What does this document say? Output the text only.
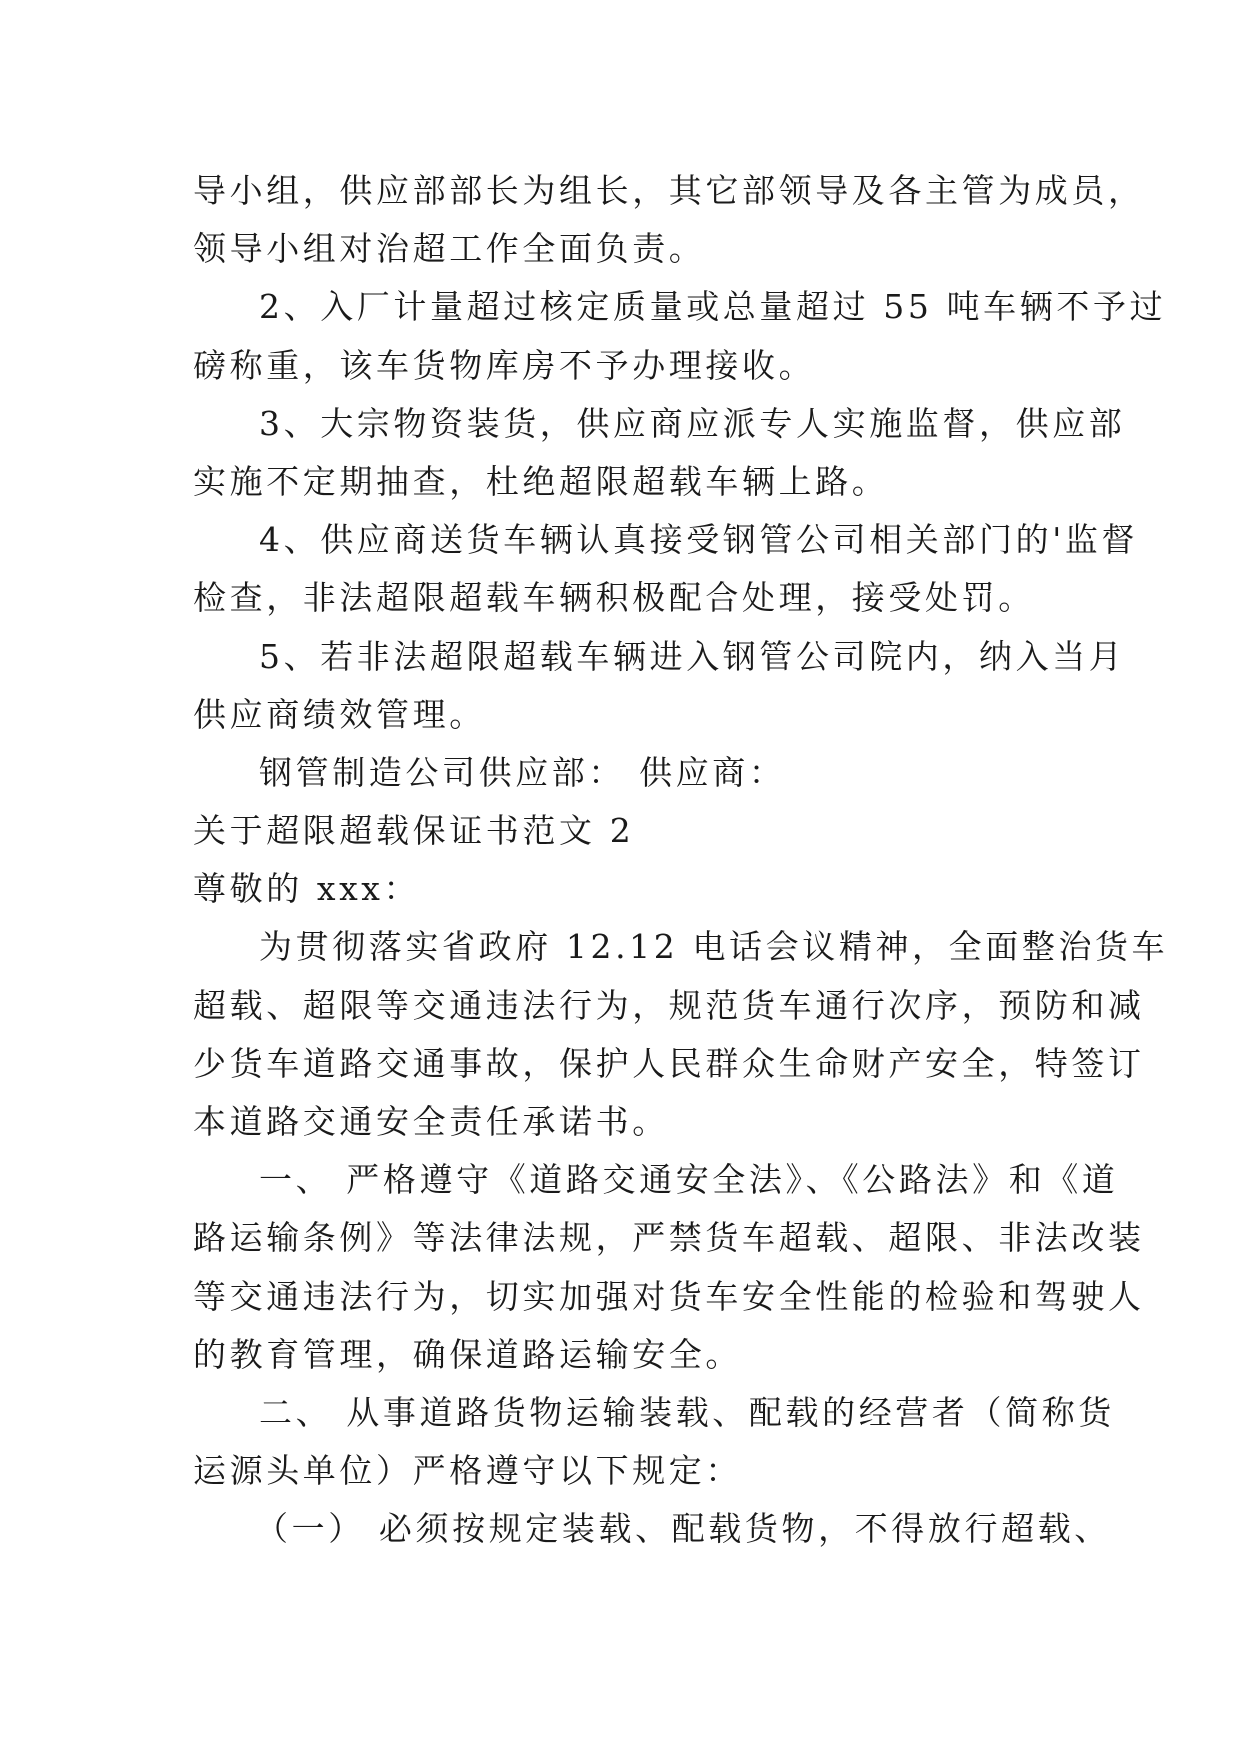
导小组，供应部部长为组长，其它部领导及各主管为成员，
领导小组对治超工作全面负责。
2、入厂计量超过核定质量或总量超过 55 吨车辆不予过
磅称重，该车货物库房不予办理接收。
3、大宗物资装货，供应商应派专人实施监督，供应部
实施不定期抽查，杜绝超限超载车辆上路。
4、供应商送货车辆认真接受钢管公司相关部门的'监督
检查，非法超限超载车辆积极配合处理，接受处罚。
5、若非法超限超载车辆进入钢管公司院内，纳入当月
供应商绩效管理。
钢管制造公司供应部： 供应商：
关于超限超载保证书范文 2
尊敬的 xxx：
为贯彻落实省政府 12.12 电话会议精神，全面整治货车
超载、超限等交通违法行为，规范货车通行次序，预防和减
少货车道路交通事故，保护人民群众生命财产安全，特签订
本道路交通安全责任承诺书。
一、 严格遵守《道路交通安全法》、《公路法》和《道
路运输条例》等法律法规，严禁货车超载、超限、非法改装
等交通违法行为，切实加强对货车安全性能的检验和驾驶人
的教育管理，确保道路运输安全。
二、 从事道路货物运输装载、配载的经营者（简称货
运源头单位）严格遵守以下规定：
（一） 必须按规定装载、配载货物，不得放行超载、
